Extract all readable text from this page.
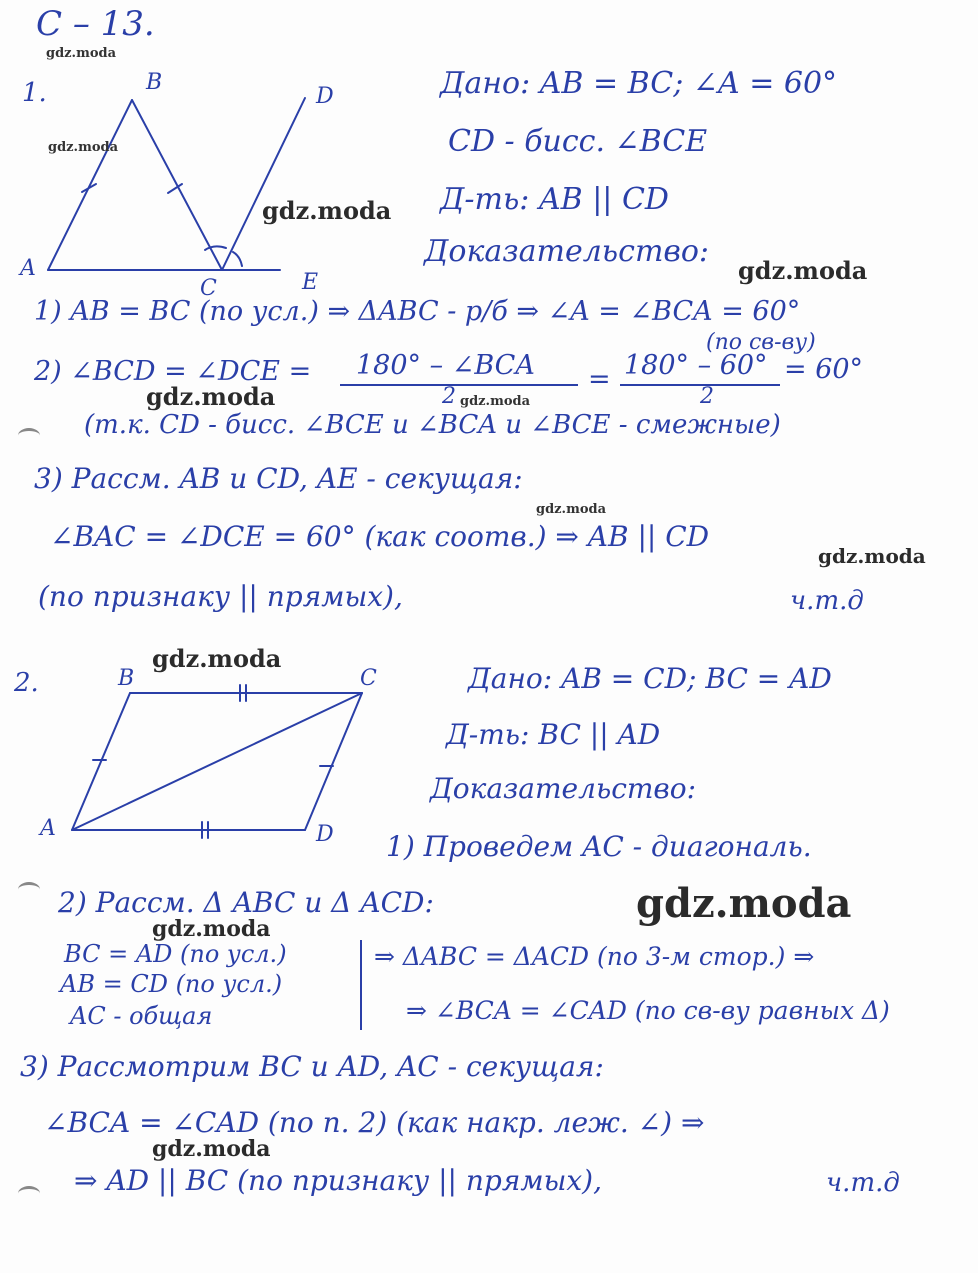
C – 13.
1.	B
D
A
C	E
Дано: AB = BC; ∠A = 60°
CD - бисс. ∠BCE
Д-ть: AB || CD
Доказательство:
1) AB = BC (по усл.) ⇒ ΔABC - р/б ⇒ ∠A = ∠BCA = 60°
(по св-ву)
2) ∠BCD = ∠DCE = 180° – ∠BCA
2
= 180° – 60°
2
= 60°
(т.к. CD - бисс. ∠BCE и ∠BCA и ∠BCE - смежные)
3) Рассм. AB и CD, AE - секущая:
∠BAC = ∠DCE = 60° (как соотв.) ⇒ AB || CD
(по признаку || прямых),	ч.т.д
2.	B	C
A	D
Дано: AB = CD; BC = AD
Д-ть: BC || AD
Доказательство:
1) Проведем AC - диагональ.
2) Рассм. Δ ABC и Δ ACD:
BC = AD (по усл.)
AB = CD (по усл.)
AC - общая
⇒ ΔABC = ΔACD (по 3-м стор.) ⇒
⇒ ∠BCA = ∠CAD (по св-ву равных Δ)
3) Рассмотрим BC и AD, AC - секущая:
∠BCA = ∠CAD (по п. 2) (как накр. леж. ∠) ⇒
⇒ AD || BC (по признаку || прямых),	ч.т.д
gdz.moda
gdz.moda
gdz.moda
gdz.moda
gdz.moda	gdz.moda
gdz.moda
gdz.moda
gdz.moda
gdz.moda
gdz.moda
gdz.moda
